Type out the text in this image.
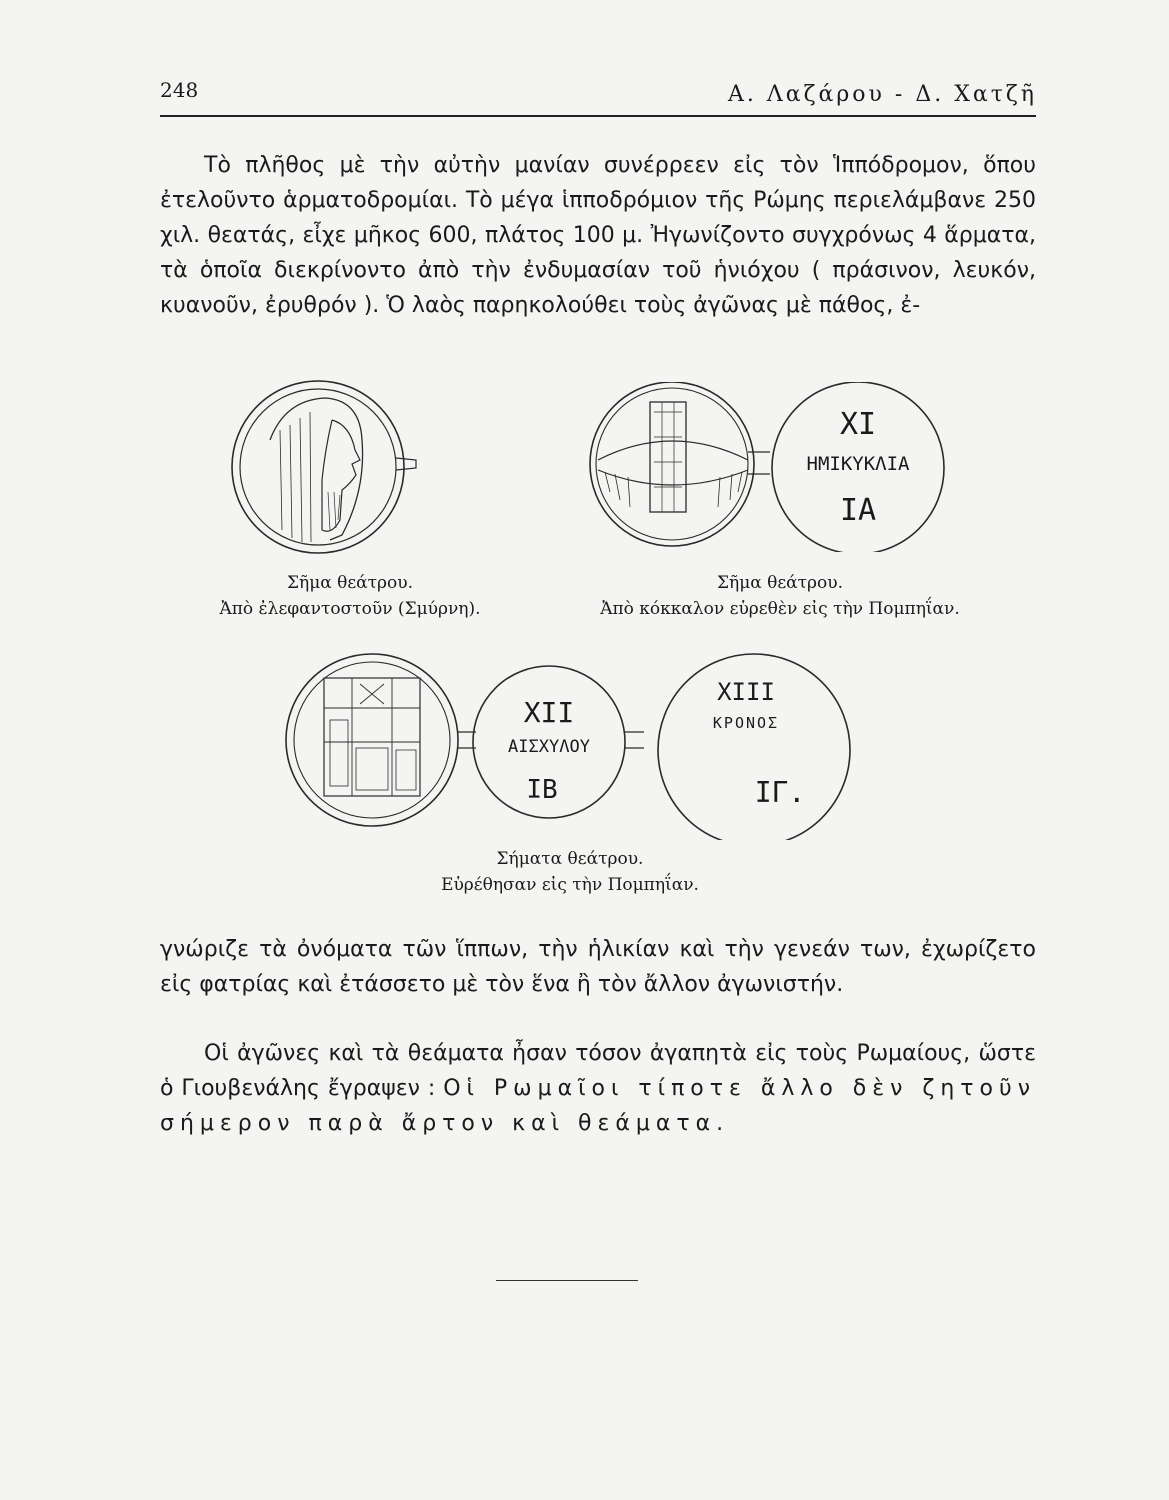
248	Α. Λαζάρου - Δ. Χατζῆ

Τὸ πλῆθος μὲ τὴν αὐτὴν μανίαν συνέρρεεν εἰς τὸν Ἱππόδρομον, ὅπου ἐτελοῦντο ἁρματοδρομίαι. Τὸ μέγα ἱπποδρόμιον τῆς Ρώμης περιελάμβανε 250 χιλ. θεατάς, εἶχε μῆκος 600, πλάτος 100 μ. Ἠγωνίζοντο συγχρόνως 4 ἅρματα, τὰ ὁποῖα διεκρίνοντο ἀπὸ τὴν ἐνδυμασίαν τοῦ ἡνιόχου ( πράσινον, λευκόν, κυανοῦν, ἐρυθρόν ). Ὁ λαὸς παρηκολούθει τοὺς ἀγῶνας μὲ πάθος, ἐ-

Σῆμα θεάτρου.
Ἀπὸ ἐλεφαντοστοῦν (Σμύρνη).
XI
ΗΜΙΚΥΚΛΙΑ
ΙΑ
Σῆμα θεάτρου.
Ἀπὸ κόκκαλον εὑρεθὲν εἰς τὴν Πομπηΐαν.
XII
ΑΙΣΧΥΛΟΥ
ΙΒ
XIII
ΚΡΟΝΟΣ
ΙΓ.
Σήματα θεάτρου.
Εὑρέθησαν εἰς τὴν Πομπηΐαν.

γνώριζε τὰ ὀνόματα τῶν ἵππων, τὴν ἡλικίαν καὶ τὴν γενεάν των, ἐχωρίζετο εἰς φατρίας καὶ ἐτάσσετο μὲ τὸν ἕνα ἢ τὸν ἄλλον ἀγωνιστήν.

Οἱ ἀγῶνες καὶ τὰ θεάματα ἦσαν τόσον ἀγαπητὰ εἰς τοὺς Ρωμαίους, ὥστε ὁ Γιουβενάλης ἔγραψεν : Οἱ Ρωμαῖοι τίποτε ἄλλο δὲν ζητοῦν σήμερον παρὰ ἄρτον καὶ θεάματα.
